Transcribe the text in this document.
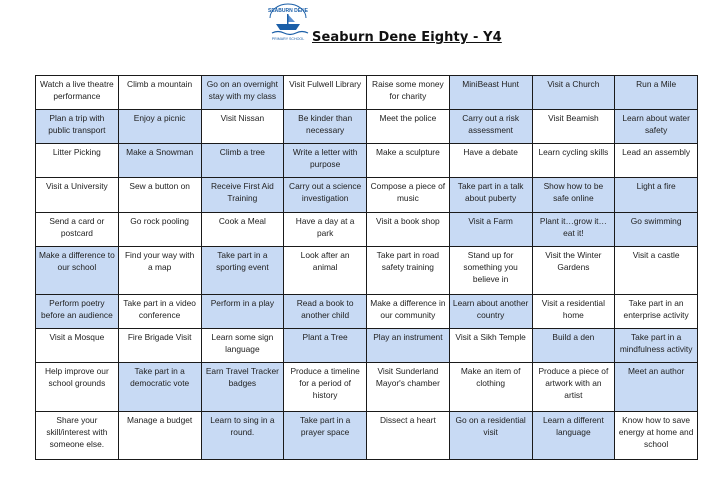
SEABURN DENE
PRIMARY SCHOOL Seaburn Dene Eighty - Y4
Watch a live theatre performance	Climb a mountain	Go on an overnight stay with my class	Visit Fulwell Library	Raise some money for charity	MiniBeast Hunt	Visit a Church	Run a Mile
Plan a trip with public transport	Enjoy a picnic	Visit Nissan	Be kinder than necessary	Meet the police	Carry out a risk assessment	Visit Beamish	Learn about water safety
Litter Picking	Make a Snowman	Climb a tree	Write a letter with purpose	Make a sculpture	Have a debate	Learn cycling skills	Lead an assembly
Visit a University	Sew a button on	Receive First Aid Training	Carry out a science investigation	Compose a piece of music	Take part in a talk about puberty	Show how to be safe online	Light a fire
Send a card or postcard	Go rock pooling	Cook a Meal	Have a day at a park	Visit a book shop	Visit a Farm	Plant it…grow it…eat it!	Go swimming
Make a difference to our school	Find your way with a map	Take part in a sporting event	Look after an animal	Take part in road safety training	Stand up for something you believe in	Visit the Winter Gardens	Visit a castle
Perform poetry before an audience	Take part in a video conference	Perform in a play	Read a book to another child	Make a difference in our community	Learn about another country	Visit a residential home	Take part in an enterprise activity
Visit a Mosque	Fire Brigade Visit	Learn some sign language	Plant a Tree	Play an instrument	Visit a Sikh Temple	Build a den	Take part in a mindfulness activity
Help improve our school grounds	Take part in a democratic vote	Earn Travel Tracker badges	Produce a timeline for a period of history	Visit Sunderland Mayor's chamber	Make an item of clothing	Produce a piece of artwork with an artist	Meet an author
Share your skill/interest with someone else.	Manage a budget	Learn to sing in a round.	Take part in a prayer space	Dissect a heart	Go on a residential visit	Learn a different language	Know how to save energy at home and school
